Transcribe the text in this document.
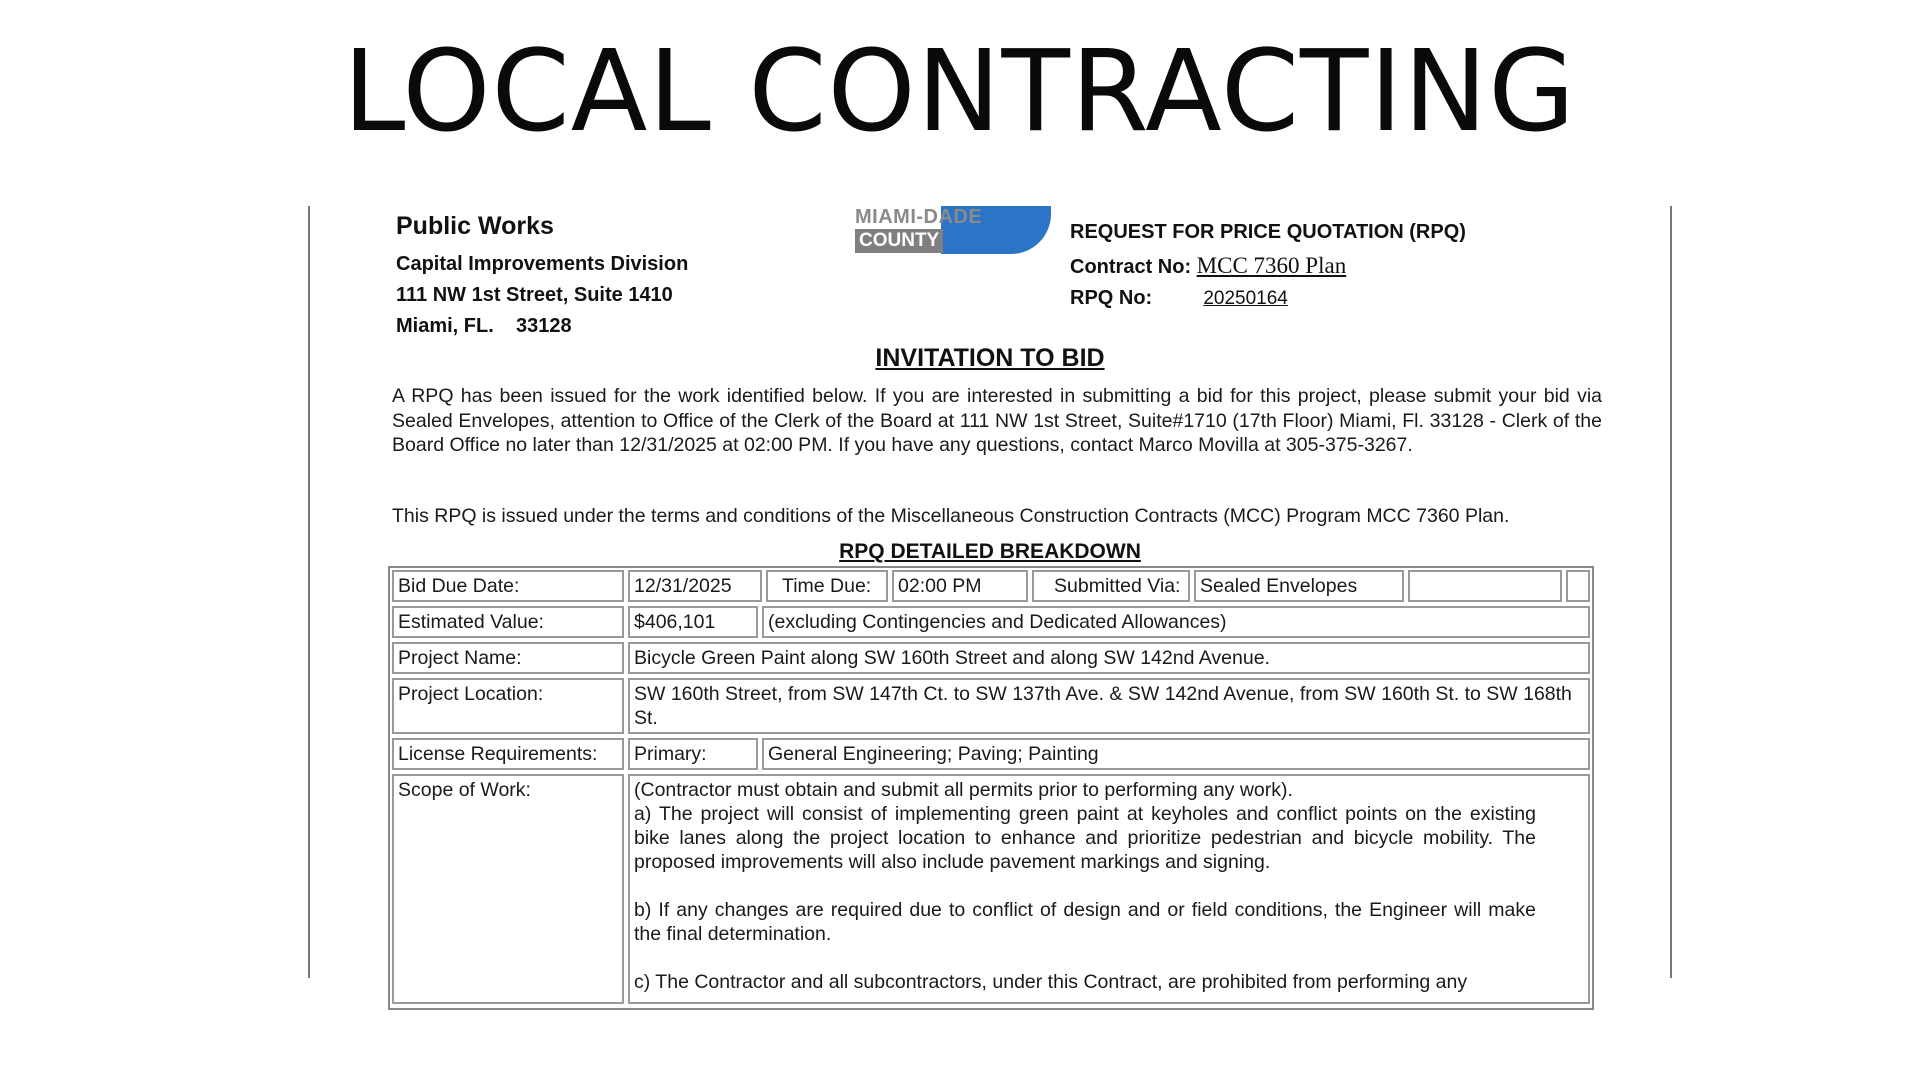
LOCAL CONTRACTING
Public Works
Capital Improvements Division
111 NW 1st Street, Suite 1410
Miami, FL. 33128
MIAMI-DADE
COUNTY	REQUEST FOR PRICE QUOTATION (RPQ)
Contract No: MCC 7360 Plan
RPQ No:	20250164
INVITATION TO BID
A RPQ has been issued for the work identified below. If you are interested in submitting a bid for this project, please submit your bid via Sealed Envelopes, attention to Office of the Clerk of the Board at 111 NW 1st Street, Suite#1710 (17th Floor) Miami, Fl. 33128 - Clerk of the Board Office no later than 12/31/2025 at 02:00 PM. If you have any questions, contact Marco Movilla at 305-375-3267.
This RPQ is issued under the terms and conditions of the Miscellaneous Construction Contracts (MCC) Program MCC 7360 Plan.
RPQ DETAILED BREAKDOWN
Bid Due Date:	12/31/2025	Time Due:	02:00 PM	Submitted Via:	Sealed Envelopes
Estimated Value:	$406,101	(excluding Contingencies and Dedicated Allowances)
Project Name:	Bicycle Green Paint along SW 160th Street and along SW 142nd Avenue.
Project Location:	SW 160th Street, from SW 147th Ct. to SW 137th Ave. & SW 142nd Avenue, from SW 160th St. to SW 168th St.
License Requirements:	Primary:	General Engineering; Paving; Painting
Scope of Work:	(Contractor must obtain and submit all permits prior to performing any work).

a) The project will consist of implementing green paint at keyholes and conflict points on the existing bike lanes along the project location to enhance and prioritize pedestrian and bicycle mobility. The proposed improvements will also include pavement markings and signing.

b) If any changes are required due to conflict of design and or field conditions, the Engineer will make the final determination.

c) The Contractor and all subcontractors, under this Contract, are prohibited from performing any
